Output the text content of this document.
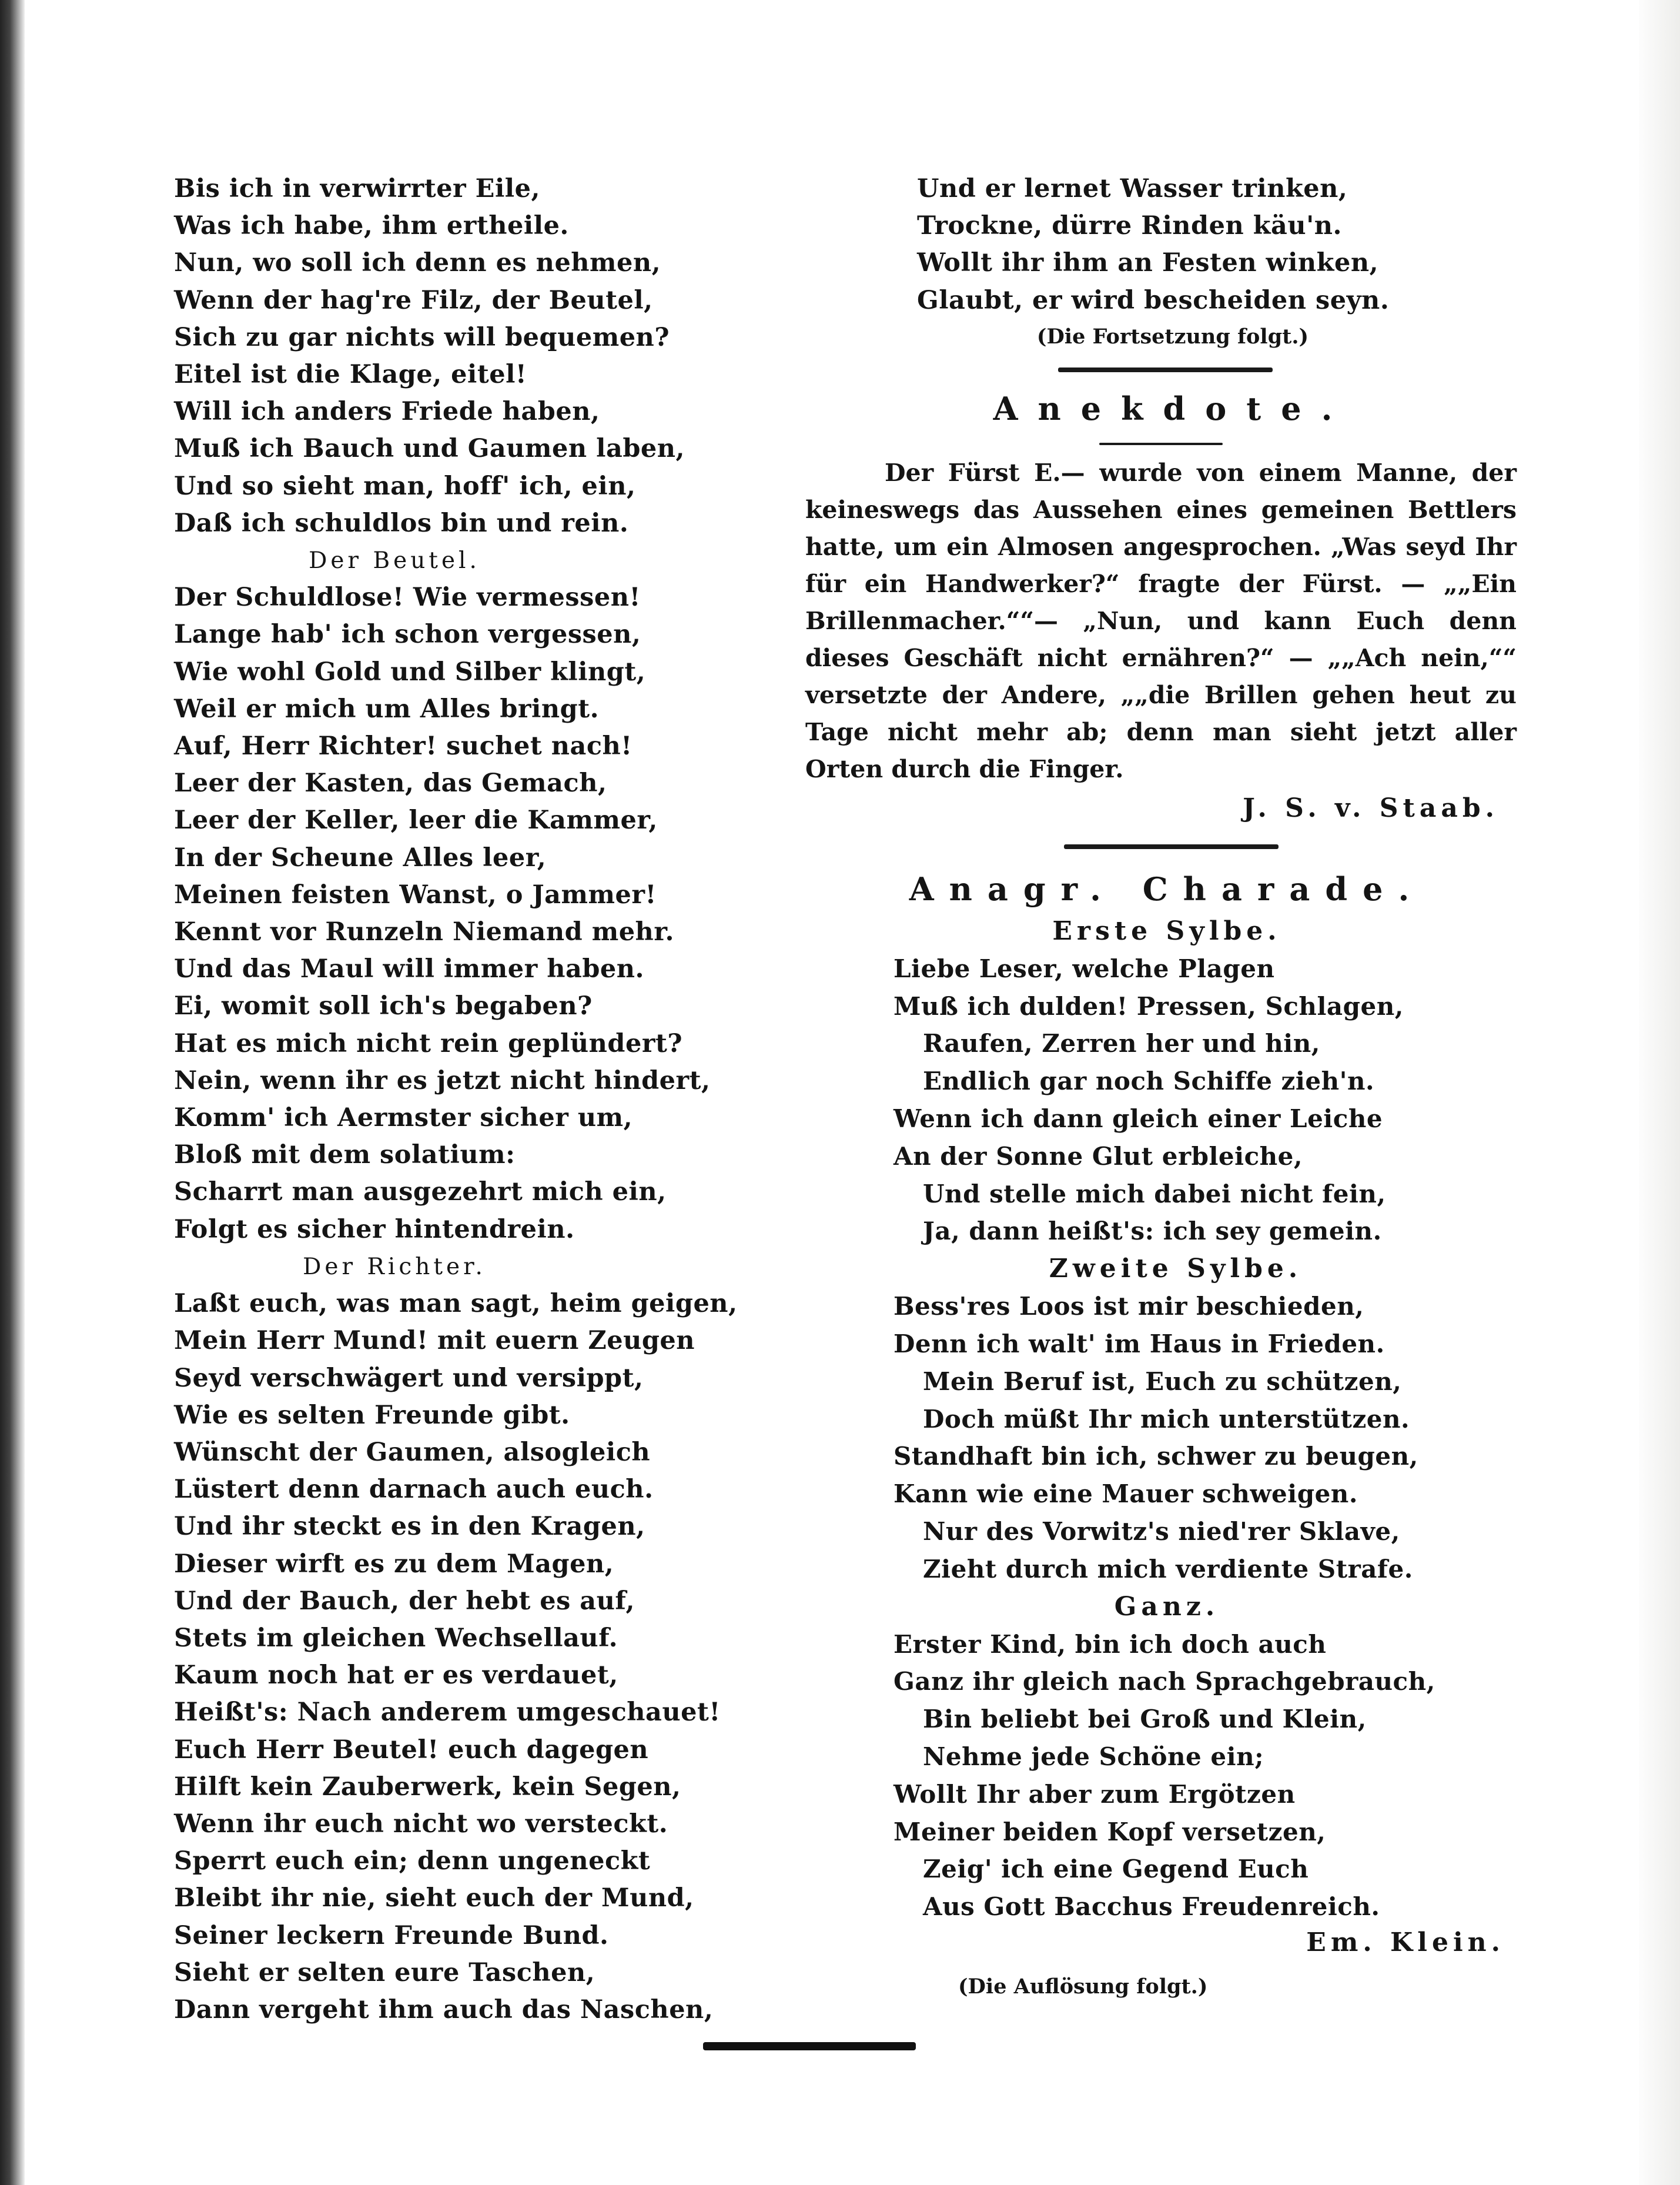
Bis ich in verwirrter Eile,
Was ich habe, ihm ertheile.
Nun, wo soll ich denn es nehmen,
Wenn der hag're Filz, der Beutel,
Sich zu gar nichts will bequemen?
Eitel ist die Klage, eitel!
Will ich anders Friede haben,
Muß ich Bauch und Gaumen laben,
Und so sieht man, hoff' ich, ein,
Daß ich schuldlos bin und rein.
Der Beutel.
Der Schuldlose! Wie vermessen!
Lange hab' ich schon vergessen,
Wie wohl Gold und Silber klingt,
Weil er mich um Alles bringt.
Auf, Herr Richter! suchet nach!
Leer der Kasten, das Gemach,
Leer der Keller, leer die Kammer,
In der Scheune Alles leer,
Meinen feisten Wanst, o Jammer!
Kennt vor Runzeln Niemand mehr.
Und das Maul will immer haben.
Ei, womit soll ich's begaben?
Hat es mich nicht rein geplündert?
Nein, wenn ihr es jetzt nicht hindert,
Komm' ich Aermster sicher um,
Bloß mit dem solatium:
Scharrt man ausgezehrt mich ein,
Folgt es sicher hintendrein.
Der Richter.
Laßt euch, was man sagt, heim geigen,
Mein Herr Mund! mit euern Zeugen
Seyd verschwägert und versippt,
Wie es selten Freunde gibt.
Wünscht der Gaumen, alsogleich
Lüstert denn darnach auch euch.
Und ihr steckt es in den Kragen,
Dieser wirft es zu dem Magen,
Und der Bauch, der hebt es auf,
Stets im gleichen Wechsellauf.
Kaum noch hat er es verdauet,
Heißt's: Nach anderem umgeschauet!
Euch Herr Beutel! euch dagegen
Hilft kein Zauberwerk, kein Segen,
Wenn ihr euch nicht wo versteckt.
Sperrt euch ein; denn ungeneckt
Bleibt ihr nie, sieht euch der Mund,
Seiner leckern Freunde Bund.
Sieht er selten eure Taschen,
Dann vergeht ihm auch das Naschen,
Und er lernet Wasser trinken,
Trockne, dürre Rinden käu'n.
Wollt ihr ihm an Festen winken,
Glaubt, er wird bescheiden seyn.
(Die Fortsetzung folgt.)
Anekdote.
Der Fürst E.— wurde von einem Manne, der keineswegs das Aussehen eines gemeinen Bettlers hatte, um ein Almosen angesprochen. „Was seyd Ihr für ein Handwerker?“ fragte der Fürst. — „„Ein Brillenmacher.““— „Nun, und kann Euch denn dieses Geschäft nicht ernähren?“ — „„Ach nein,““ versetzte der Andere, „„die Brillen gehen heut zu Tage nicht mehr ab; denn man sieht jetzt aller Orten durch die Finger.
J. S. v. Staab.
Anagr. Charade.
Erste Sylbe.
Liebe Leser, welche Plagen
Muß ich dulden! Pressen, Schlagen,
Raufen, Zerren her und hin,
Endlich gar noch Schiffe zieh'n.
Wenn ich dann gleich einer Leiche
An der Sonne Glut erbleiche,
Und stelle mich dabei nicht fein,
Ja, dann heißt's: ich sey gemein.
Zweite Sylbe.
Bess'res Loos ist mir beschieden,
Denn ich walt' im Haus in Frieden.
Mein Beruf ist, Euch zu schützen,
Doch müßt Ihr mich unterstützen.
Standhaft bin ich, schwer zu beugen,
Kann wie eine Mauer schweigen.
Nur des Vorwitz's nied'rer Sklave,
Zieht durch mich verdiente Strafe.
Ganz.
Erster Kind, bin ich doch auch
Ganz ihr gleich nach Sprachgebrauch,
Bin beliebt bei Groß und Klein,
Nehme jede Schöne ein;
Wollt Ihr aber zum Ergötzen
Meiner beiden Kopf versetzen,
Zeig' ich eine Gegend Euch
Aus Gott Bacchus Freudenreich.
Em. Klein.
(Die Auflösung folgt.)
